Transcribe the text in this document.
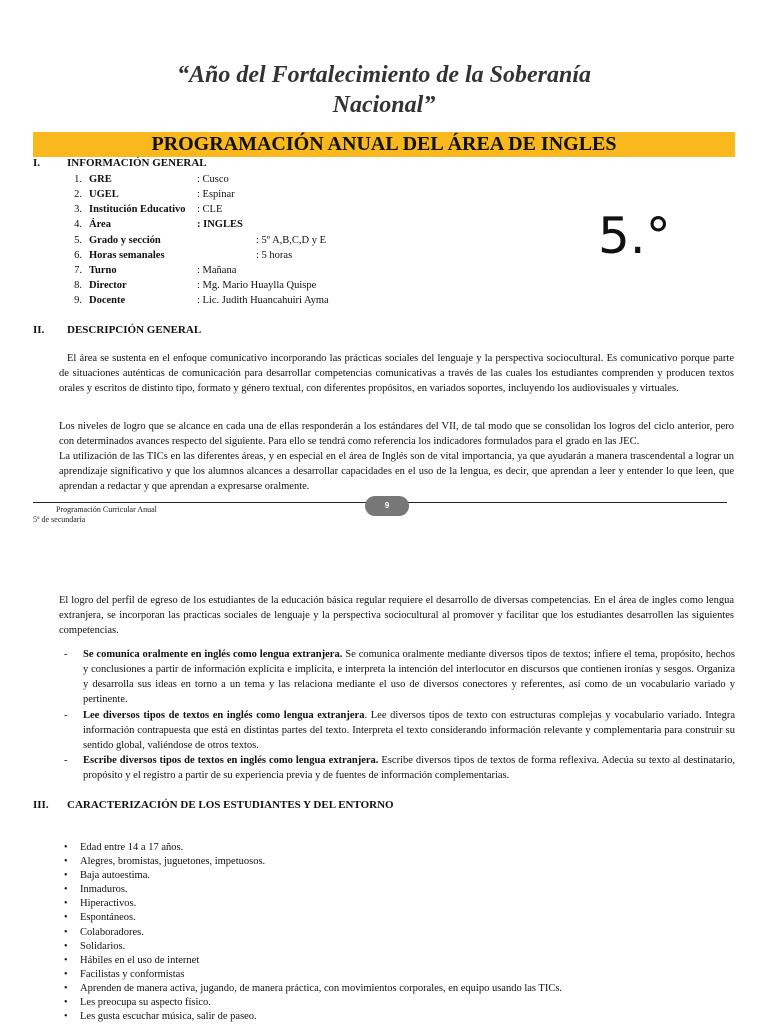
“Año del Fortalecimiento de la Soberanía
Nacional”
PROGRAMACIÓN ANUAL DEL ÁREA DE INGLES
I. INFORMACIÓN GENERAL
1. GRE	: Cusco
2. UGEL	: Espinar
3. Institución Educativo : CLE
4. Área	: INGLES
5. Grado y sección	: 5º A,B,C,D y E
6. Horas semanales	: 5 horas
7. Turno	: Mañana
8. Director	: Mg. Mario Huaylla Quispe
9. Docente	: Lic. Judith Huancahuiri Ayma
5.°
II. DESCRIPCIÓN GENERAL

El área se sustenta en el enfoque comunicativo incorporando las prácticas sociales del lenguaje y la perspectiva sociocultural. Es comunicativo porque parte de situaciones auténticas de comunicación para desarrollar competencias comunicativas a través de las cuales los estudiantes comprenden y producen textos orales y escritos de distinto tipo, formato y género textual, con diferentes propósitos, en variados soportes, incluyendo los audiovisuales y virtuales.

Los niveles de logro que se alcance en cada una de ellas responderán a los estándares del VII, de tal modo que se consolidan los logros del ciclo anterior, pero con determinados avances respecto del siguiente. Para ello se tendrá como referencia los indicadores formulados para el grado en las JEC.

La utilización de las TICs en las diferentes áreas, y en especial en el área de Inglés son de vital importancia, ya que ayudarán a manera trascendental a lograr un aprendizaje significativo y que los alumnos alcances a desarrollar capacidades en el uso de la lengua, es decir, que aprendan a leer y entender lo que leen, que aprendan a redactar y que aprendan a expresarse oralmente.

9
Programación Curricular Anual
5º de secundaria

El logro del perfil de egreso de los estudiantes de la educación básica regular requiere el desarrollo de diversas competencias. En el área de ingles como lengua extranjera, se incorporan las practicas sociales de lenguaje y la perspectiva sociocultural al promover y facilitar que los estudiantes desarrollen las siguientes competencias.

- Se comunica oralmente en inglés como lengua extranjera. Se comunica oralmente mediante diversos tipos de textos; infiere el tema, propósito, hechos y conclusiones a partir de información explícita e implícita, e interpreta la intención del interlocutor en discursos que contienen ironías y sesgos. Organiza y desarrolla sus ideas en torno a un tema y las relaciona mediante el uso de diversos conectores y referentes, así como de un vocabulario variado y pertinente.
- Lee diversos tipos de textos en inglés como lengua extranjera. Lee diversos tipos de texto con estructuras complejas y vocabulario variado. Integra información contrapuesta que está en distintas partes del texto. Interpreta el texto considerando información relevante y complementaria para construir su sentido global, valiéndose de otros textos.
- Escribe diversos tipos de textos en inglés como lengua extranjera. Escribe diversos tipos de textos de forma reflexiva. Adecúa su texto al destinatario, propósito y el registro a partir de su experiencia previa y de fuentes de información complementarias.
III. CARACTERIZACIÓN DE LOS ESTUDIANTES Y DEL ENTORNO
• Edad entre 14 a 17 años.
• Alegres, bromistas, juguetones, impetuosos.
• Baja autoestima.
• Inmaduros.
• Hiperactivos.
• Espontáneos.
• Colaboradores.
• Solidarios.
• Hábiles en el uso de internet
• Facilistas y conformistas
• Aprenden de manera activa, jugando, de manera práctica, con movimientos corporales, en equipo usando las TICs.
• Les preocupa su aspecto físico.
• Les gusta escuchar música, salir de paseo.
